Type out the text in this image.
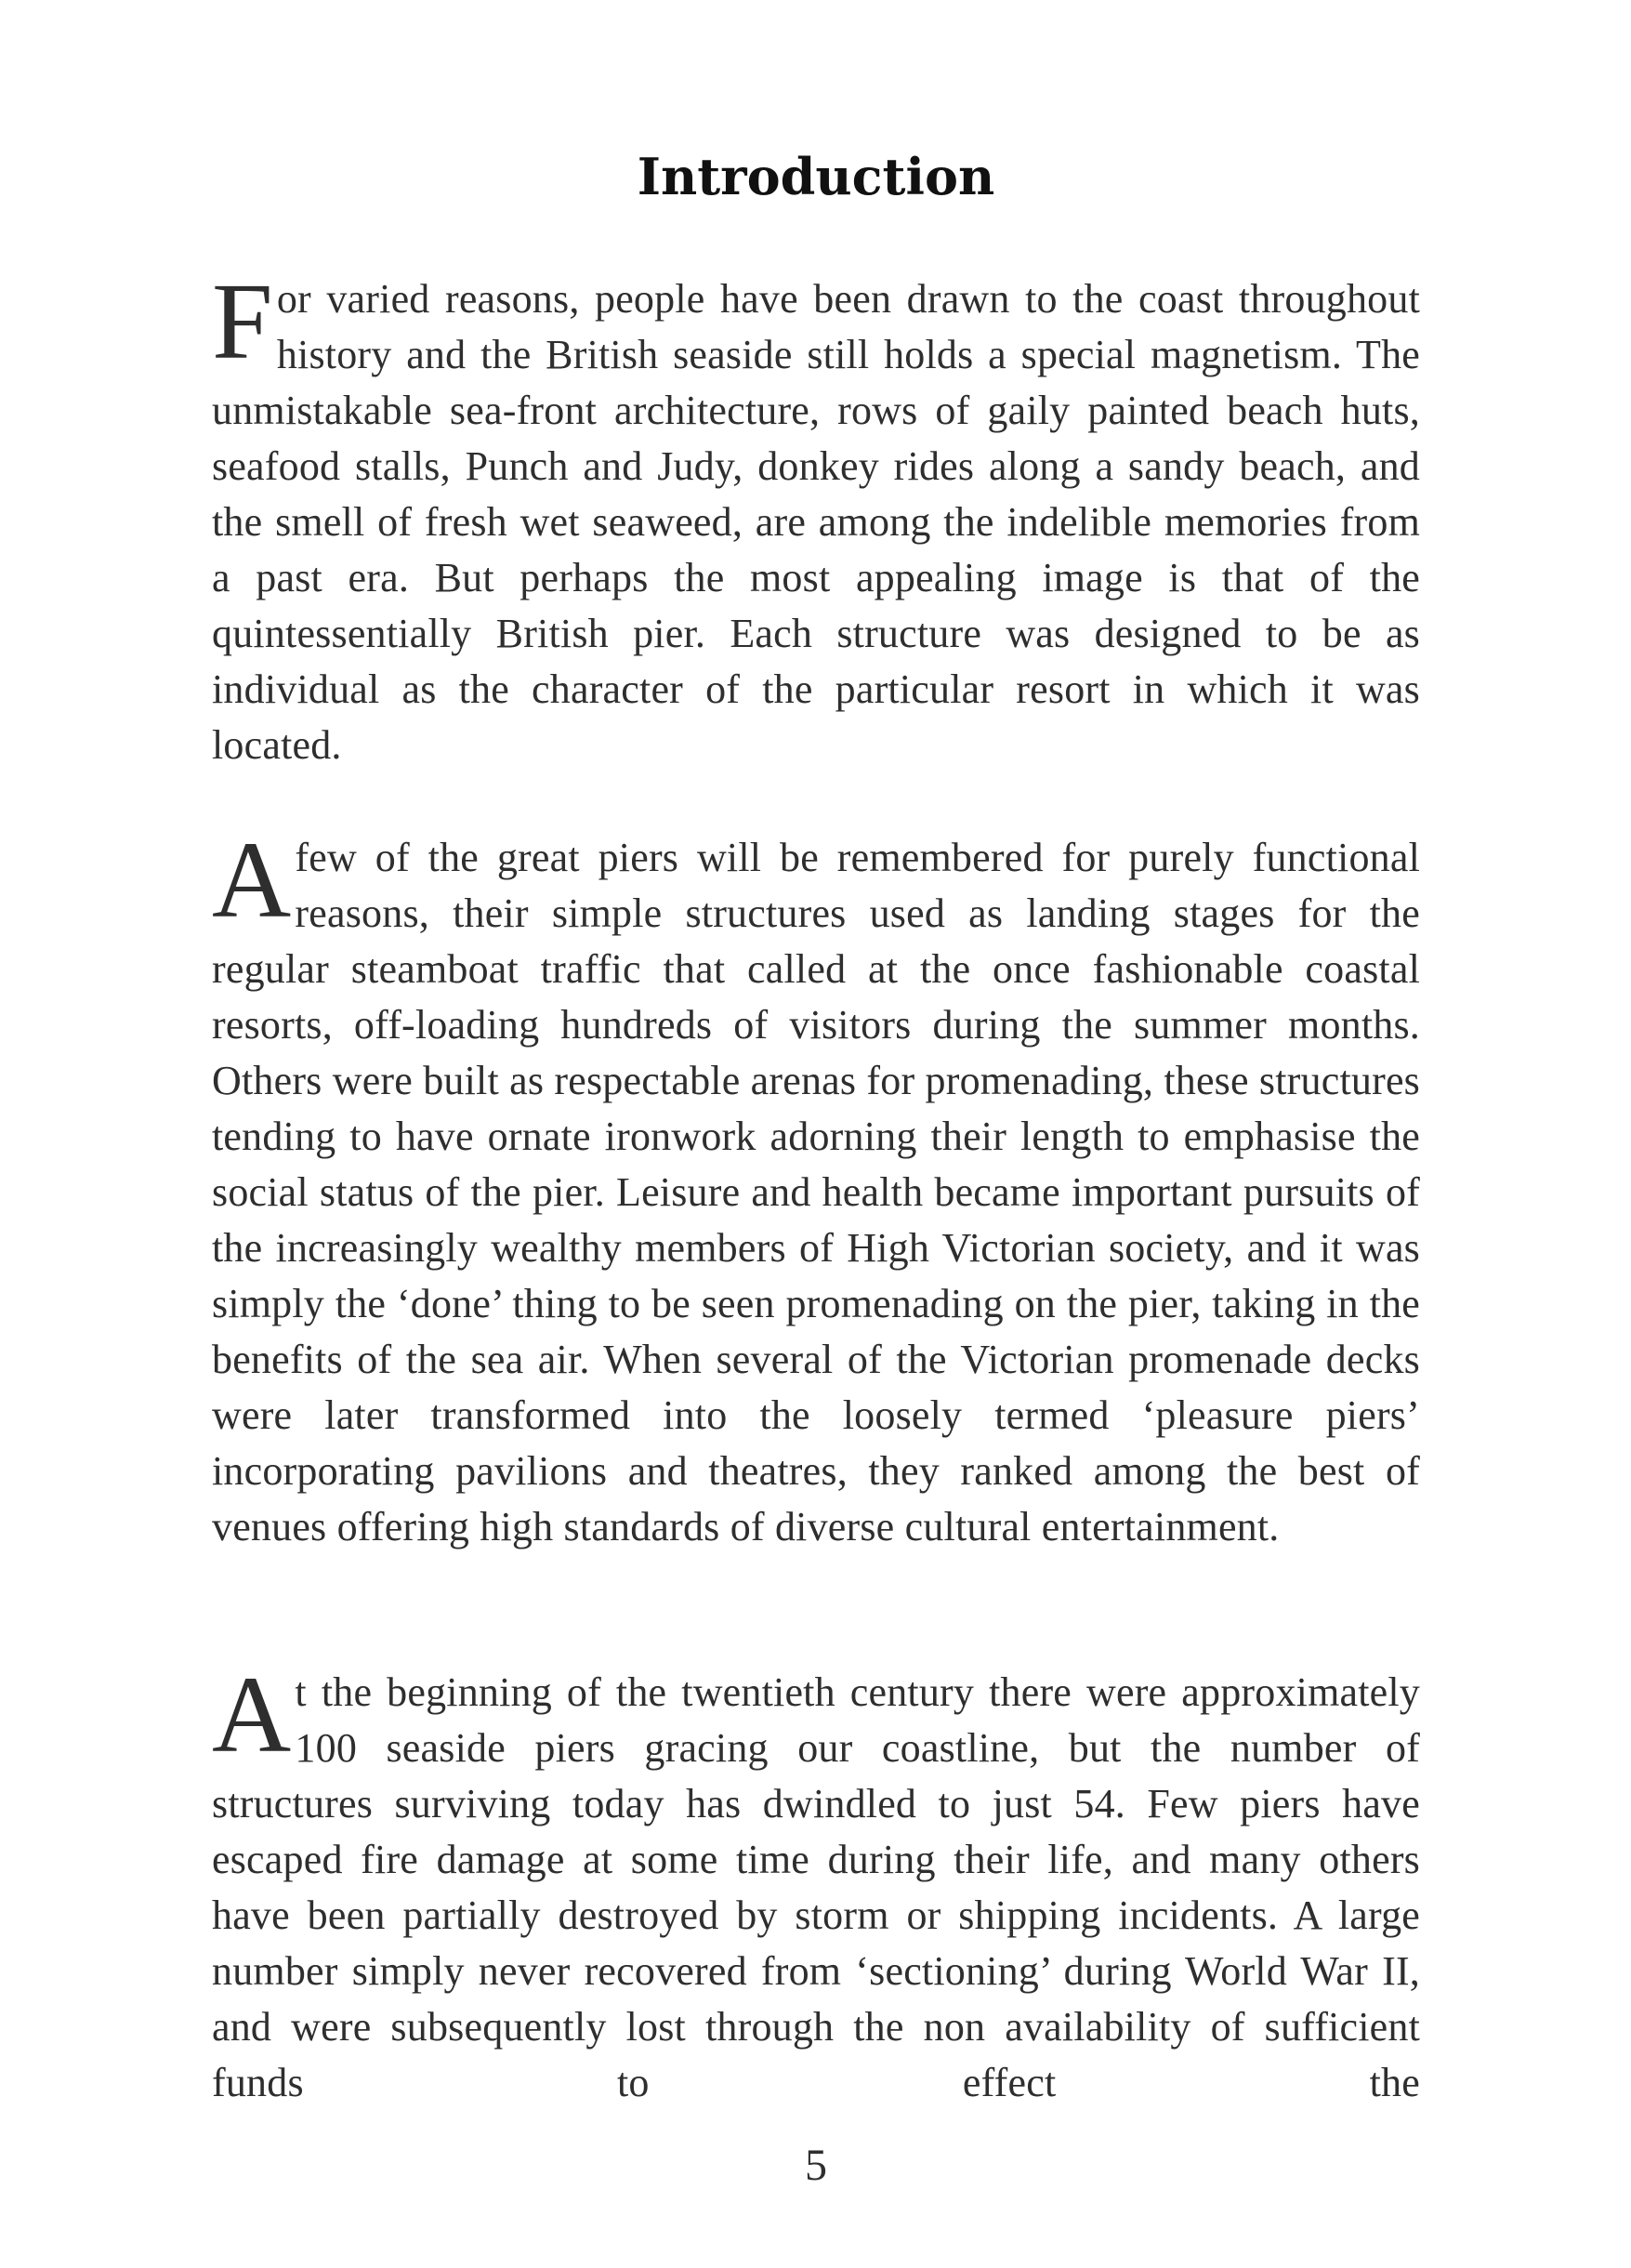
Introduction

For varied reasons, people have been drawn to the coast throughout history and the British seaside still holds a special magnetism. The unmistakable sea-front architecture, rows of gaily painted beach huts, seafood stalls, Punch and Judy, donkey rides along a sandy beach, and the smell of fresh wet seaweed, are among the indelible memories from a past era. But perhaps the most appealing image is that of the quintessentially British pier. Each structure was designed to be as individual as the character of the particular resort in which it was located.

Afew of the great piers will be remembered for purely functional reasons, their simple structures used as landing stages for the regular steamboat traffic that called at the once fashionable coastal resorts, off-loading hundreds of visitors during the summer months. Others were built as respectable arenas for promenading, these structures tending to have ornate ironwork adorning their length to emphasise the social status of the pier. Leisure and health became important pursuits of the increasingly wealthy members of High Victorian society, and it was simply the ‘done’ thing to be seen promenading on the pier, taking in the benefits of the sea air. When several of the Victorian promenade decks were later transformed into the loosely termed ‘pleasure piers’ incorporating pavilions and theatres, they ranked among the best of venues offering high standards of diverse cultural entertainment.

At the beginning of the twentieth century there were approximately 100 seaside piers gracing our coastline, but the number of structures surviving today has dwindled to just 54. Few piers have escaped fire damage at some time during their life, and many others have been partially destroyed by storm or shipping incidents. A large number simply never recovered from ‘sectioning’ during World War II, and were subsequently lost through the non availability of sufficient funds to effect the

5
